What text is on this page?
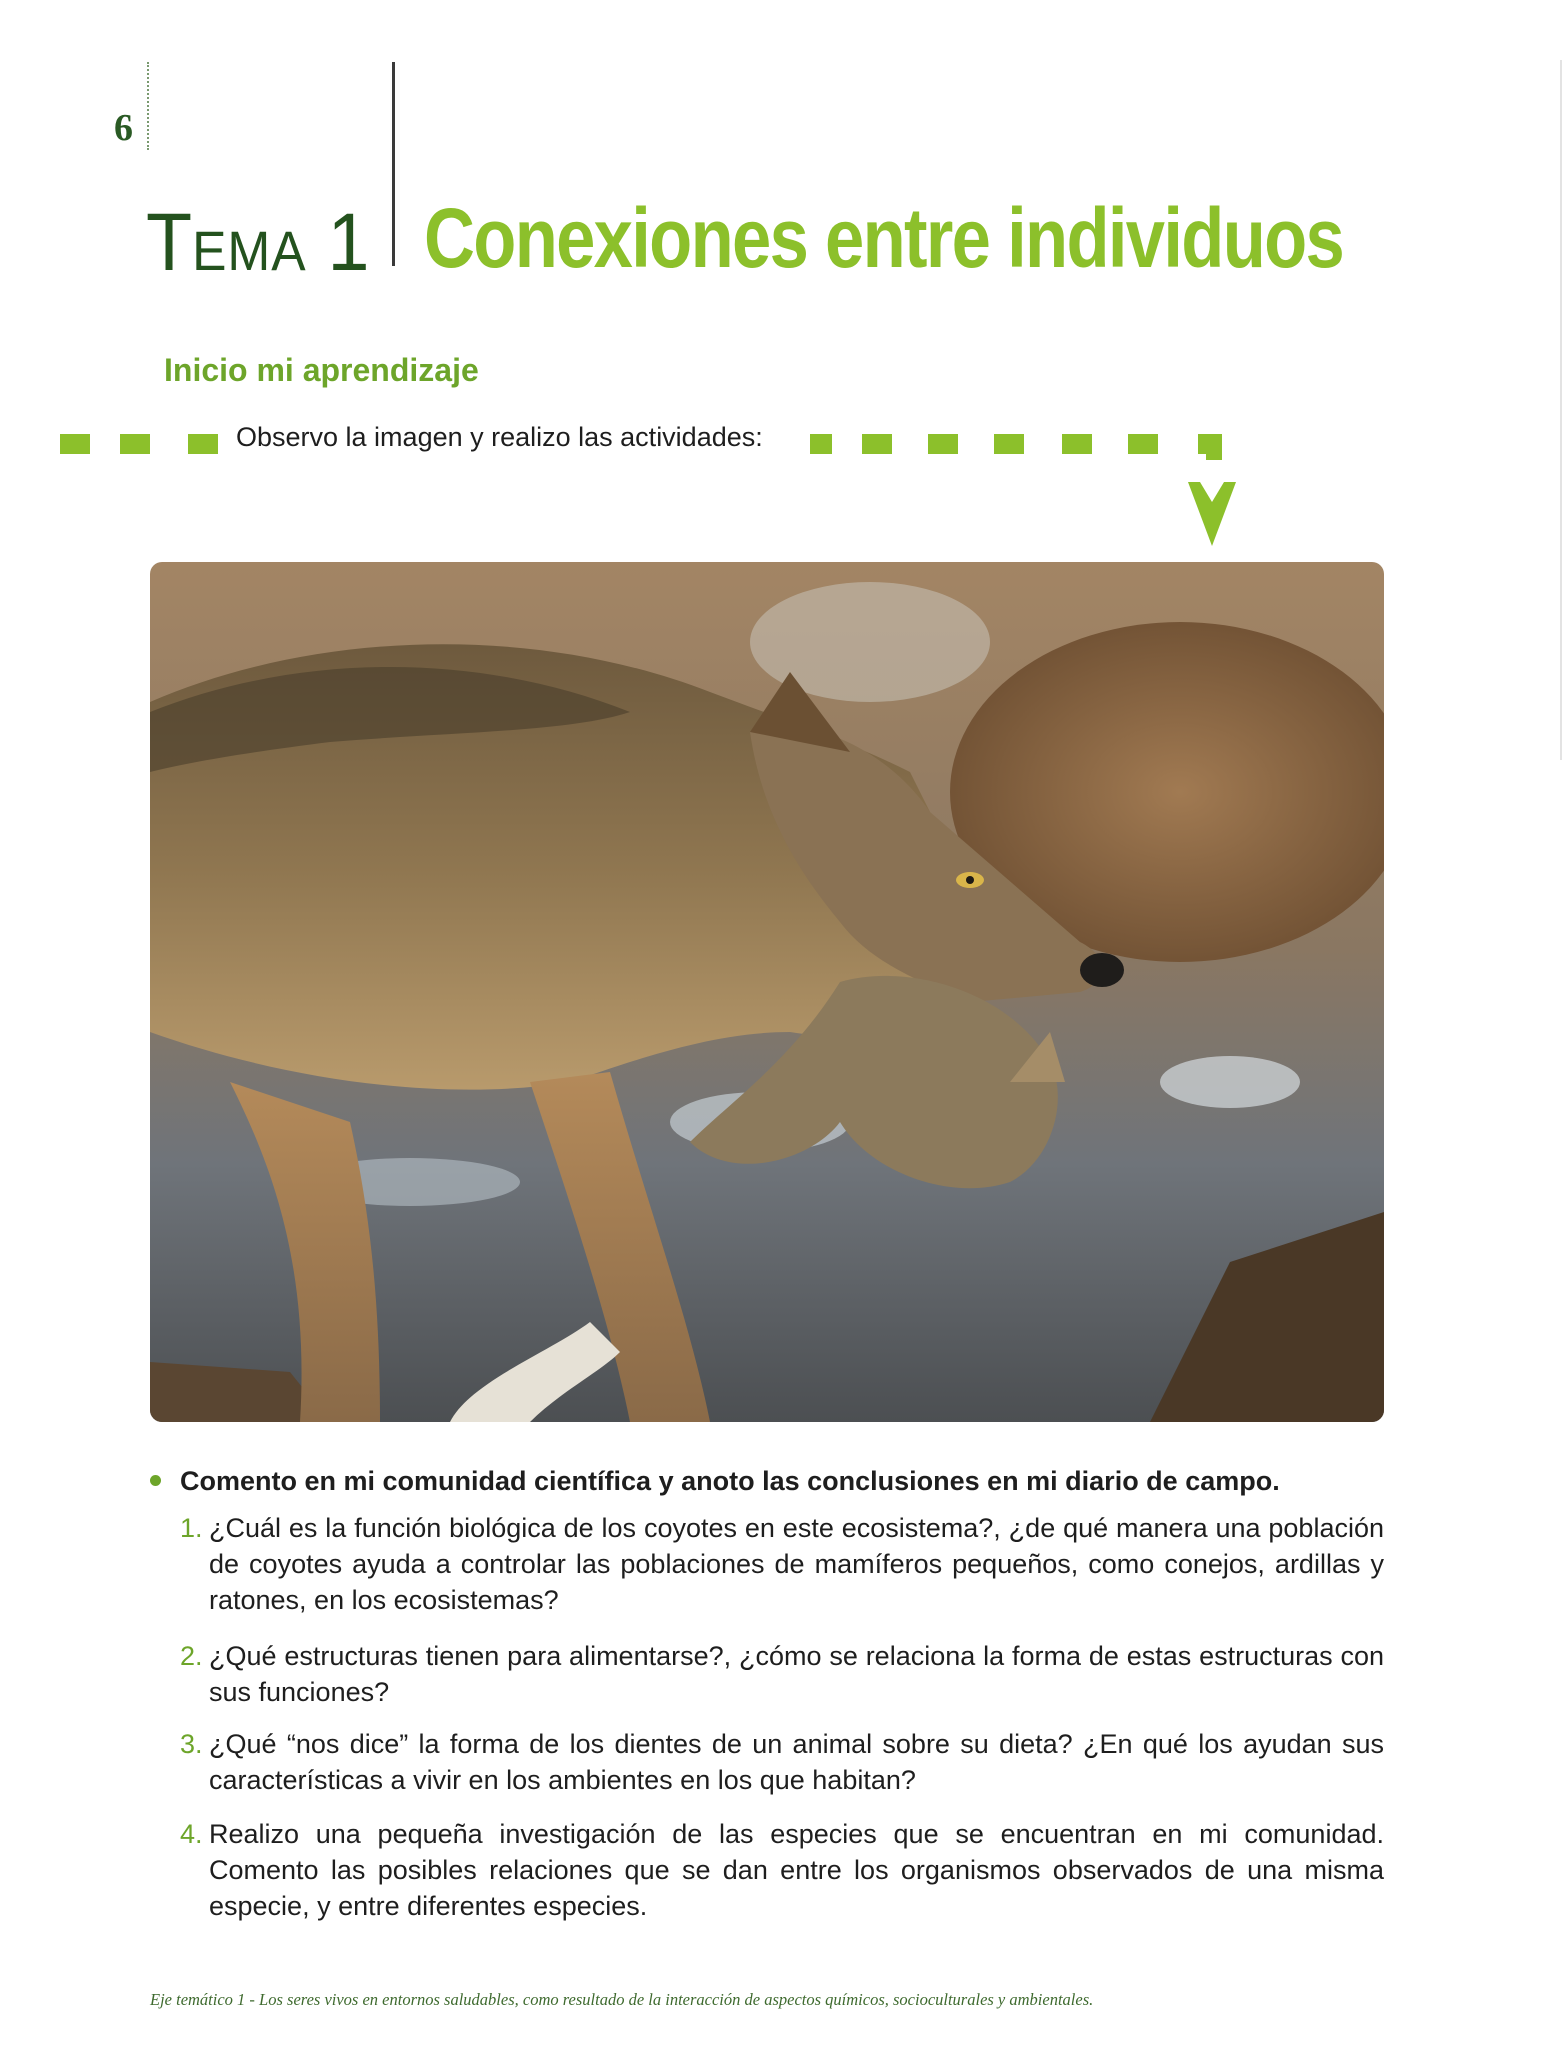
6
TEMA 1 Conexiones entre individuos
Inicio mi aprendizaje
Observo la imagen y realizo las actividades:
Comento en mi comunidad científica y anoto las conclusiones en mi diario de campo.
1. ¿Cuál es la función biológica de los coyotes en este ecosistema?, ¿de qué manera una población de coyotes ayuda a controlar las poblaciones de mamíferos pequeños, como conejos, ardillas y ratones, en los ecosistemas?
2. ¿Qué estructuras tienen para alimentarse?, ¿cómo se relaciona la forma de estas estructuras con sus funciones?
3. ¿Qué “nos dice” la forma de los dientes de un animal sobre su dieta? ¿En qué los ayudan sus características a vivir en los ambientes en los que habitan?
4. Realizo una pequeña investigación de las especies que se encuentran en mi comunidad. Comento las posibles relaciones que se dan entre los organismos observados de una misma especie, y entre diferentes especies.
Eje temático 1 - Los seres vivos en entornos saludables, como resultado de la interacción de aspectos químicos, socioculturales y ambientales.
